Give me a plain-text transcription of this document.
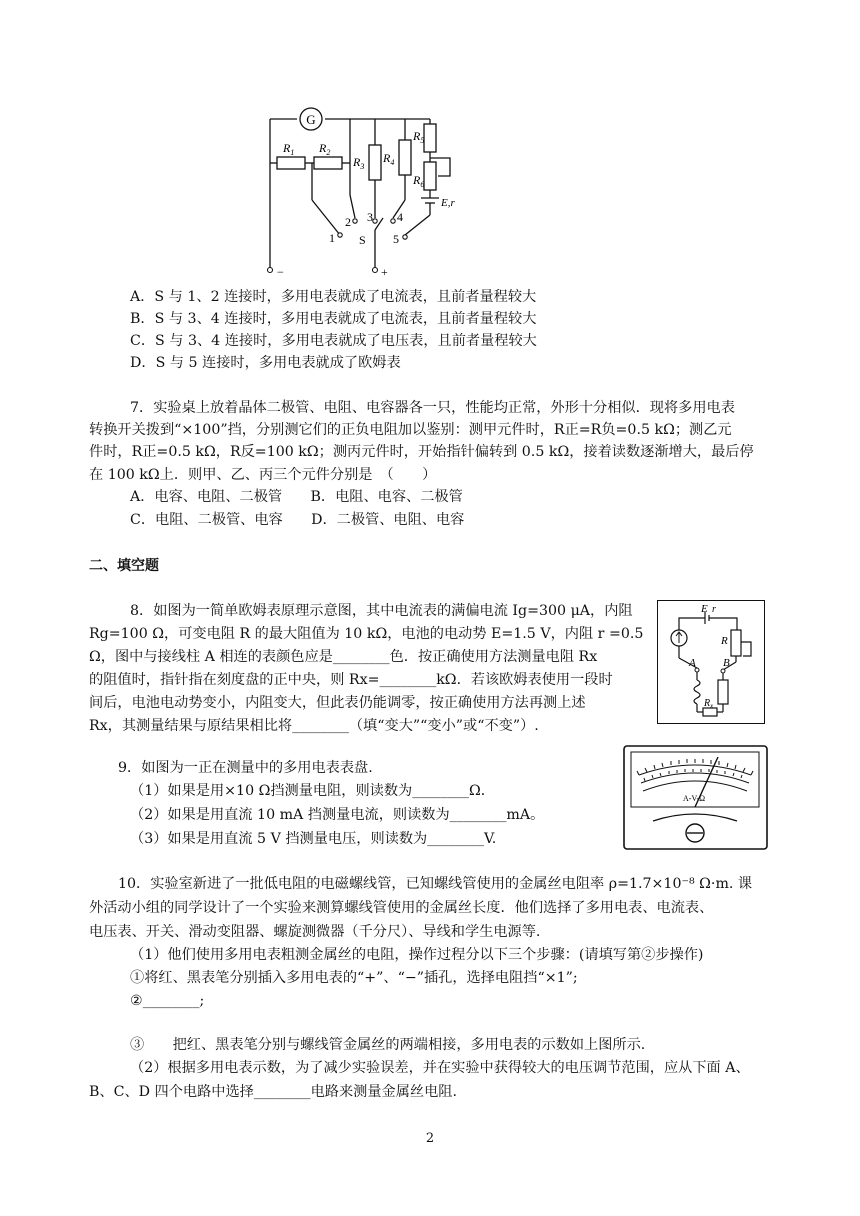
G
$R_1$ $R_2$
$R_3$
$R_4$
$R_5$
$R_6$
E,r
1
2 3 4
5
S
−	+
A．S 与 1、2 连接时，多用电表就成了电流表，且前者量程较大
B．S 与 3、4 连接时，多用电表就成了电流表，且前者量程较大
C．S 与 3、4 连接时，多用电表就成了电压表，且前者量程较大
D．S 与 5 连接时，多用电表就成了欧姆表
7．实验桌上放着晶体二极管、电阻、电容器各一只，性能均正常，外形十分相似．现将多用电表
转换开关拨到“×100”挡，分别测它们的正负电阻加以鉴别：测甲元件时，R正=R负=0.5 kΩ；测乙元
件时，R正=0.5 kΩ，R反=100 kΩ；测丙元件时，开始指针偏转到 0.5 kΩ，接着读数逐渐增大，最后停
在 100 kΩ上．则甲、乙、丙三个元件分别是　（　　）
A．电容、电阻、二极管　　B．电阻、电容、二极管
C．电阻、二极管、电容　　D．二极管、电阻、电容
二、填空题
8．如图为一简单欧姆表原理示意图，其中电流表的满偏电流 Ig=300 μA，内阻
Rg=100 Ω，可变电阻 R 的最大阻值为 10 kΩ，电池的电动势 E=1.5 V，内阻 r =0.5
Ω，图中与接线柱 A 相连的表颜色应是________色．按正确使用方法测量电阻 Rx
的阻值时，指针指在刻度盘的正中央，则 Rx=________kΩ．若该欧姆表使用一段时
间后，电池电动势变小，内阻变大，但此表仍能调零，按正确使用方法再测上述
Rx，其测量结果与原结果相比将________（填“变大”“变小”或“不变”）.
E r
R
A B
$R_x$
9．如图为一正在测量中的多用电表表盘.
（1）如果是用×10 Ω挡测量电阻，则读数为________Ω．
（2）如果是用直流 10 mA 挡测量电流，则读数为________mA。
（3）如果是用直流 5 V 挡测量电压，则读数为________V.
A-V-Ω
10．实验室新进了一批低电阻的电磁螺线管，已知螺线管使用的金属丝电阻率 ρ=1.7×10⁻⁸ Ω·m. 课
外活动小组的同学设计了一个实验来测算螺线管使用的金属丝长度．他们选择了多用电表、电流表、
电压表、开关、滑动变阻器、螺旋测微器（千分尺）、导线和学生电源等.
（1）他们使用多用电表粗测金属丝的电阻，操作过程分以下三个步骤：(请填写第②步操作)
①将红、黑表笔分别插入多用电表的“+”、“−”插孔，选择电阻挡“×1”;
②________;
③　　把红、黑表笔分别与螺线管金属丝的两端相接，多用电表的示数如上图所示.
（2）根据多用电表示数，为了减少实验误差，并在实验中获得较大的电压调节范围，应从下面 A、
B、C、D 四个电路中选择________电路来测量金属丝电阻.
2
